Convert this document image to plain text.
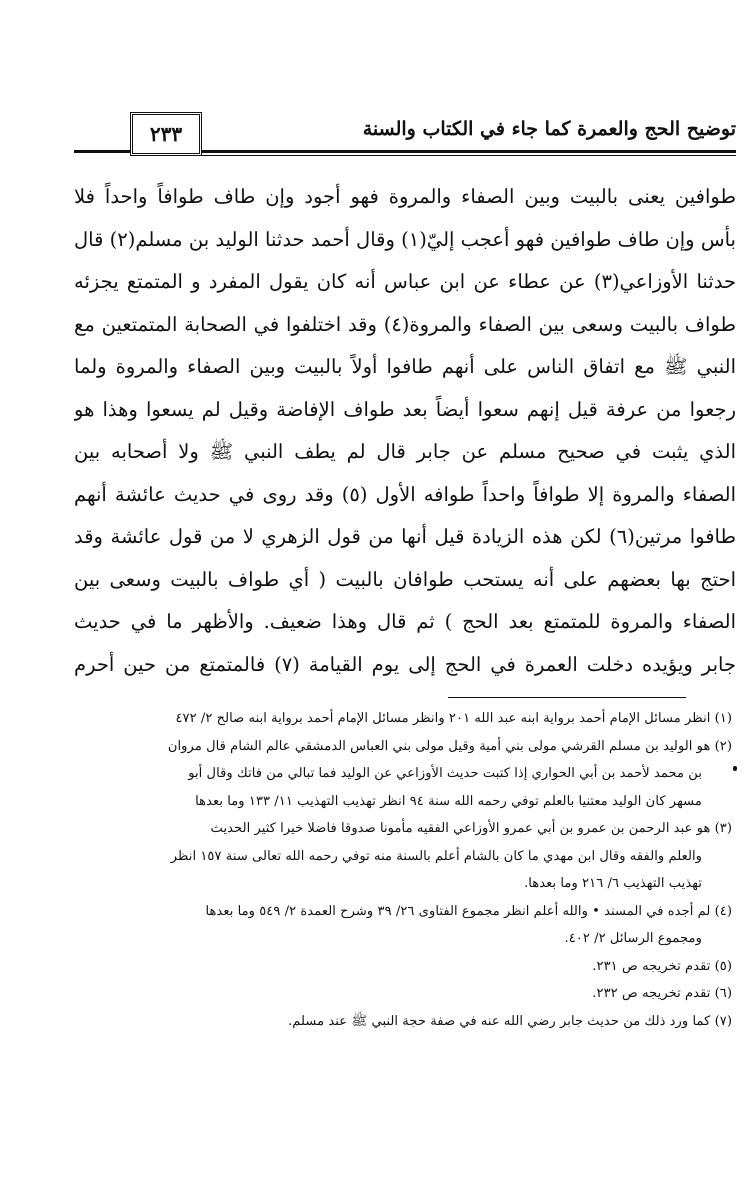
توضيح الحج والعمرة كما جاء في الكتاب والسنة
٢٣٣
طوافين يعنى بالبيت وبين الصفاء والمروة فهو أجود وإن طاف طوافاً واحداً فلا
بأس وإن طاف طوافين فهو أعجب إليّ(١) وقال أحمد حدثنا الوليد بن مسلم(٢) قال
حدثنا الأوزاعي(٣) عن عطاء عن ابن عباس أنه كان يقول المفرد و المتمتع يجزئه
طواف بالبيت وسعى بين الصفاء والمروة(٤) وقد اختلفوا في الصحابة المتمتعين مع
النبي ﷺ مع اتفاق الناس على أنهم طافوا أولاً بالبيت وبين الصفاء والمروة ولما
رجعوا من عرفة قيل إنهم سعوا أيضاً بعد طواف الإفاضة وقيل لم يسعوا وهذا هو
الذي يثبت في صحيح مسلم عن جابر قال لم يطف النبي ﷺ ولا أصحابه بين
الصفاء والمروة إلا طوافاً واحداً طوافه الأول (٥) وقد روى في حديث عائشة أنهم
طافوا مرتين(٦) لكن هذه الزيادة قيل أنها من قول الزهري لا من قول عائشة وقد
احتج بها بعضهم على أنه يستحب طوافان بالبيت ( أي طواف بالبيت وسعى بين
الصفاء والمروة للمتمتع بعد الحج ) ثم قال وهذا ضعيف. والأظهر ما في حديث
جابر ويؤيده دخلت العمرة في الحج إلى يوم القيامة (٧) فالمتمتع من حين أحرم
(١) انظر مسائل الإمام أحمد برواية ابنه عبد الله ٢٠١ وانظر مسائل الإمام أحمد برواية ابنه صالح ٢/ ٤٧٢
(٢) هو الوليد بن مسلم القرشي مولى بني أمية وقيل مولى بني العباس الدمشقي عالم الشام قال مروان
بن محمد لأحمد بن أبي الحواري إذا كتبت حديث الأوزاعي عن الوليد فما تبالي من فاتك وقال أبو
مسهر كان الوليد معتنيا بالعلم توفي رحمه الله سنة ٩٤ انظر تهذيب التهذيب ١١/ ١٣٣ وما بعدها
(٣) هو عبد الرحمن بن عمرو بن أبي عمرو الأوزاعي الفقيه مأمونا صدوقا فاضلا خيرا كثير الحديث
والعلم والفقه وقال ابن مهدي ما كان بالشام أعلم بالسنة منه توفي رحمه الله تعالى سنة ١٥٧ انظر
تهذيب التهذيب ٦/ ٢١٦ وما بعدها.
(٤) لم أجده في المسند • والله أعلم انظر مجموع الفتاوى ٢٦/ ٣٩ وشرح العمدة ٢/ ٥٤٩ وما بعدها
ومجموع الرسائل ٢/ ٤٠٢.
(٥) تقدم تخريجه ص ٢٣١.
(٦) تقدم تخريجه ص ٢٣٢.
(٧) كما ورد ذلك من حديث جابر رضي الله عنه في صفة حجة النبي ﷺ عند مسلم.
